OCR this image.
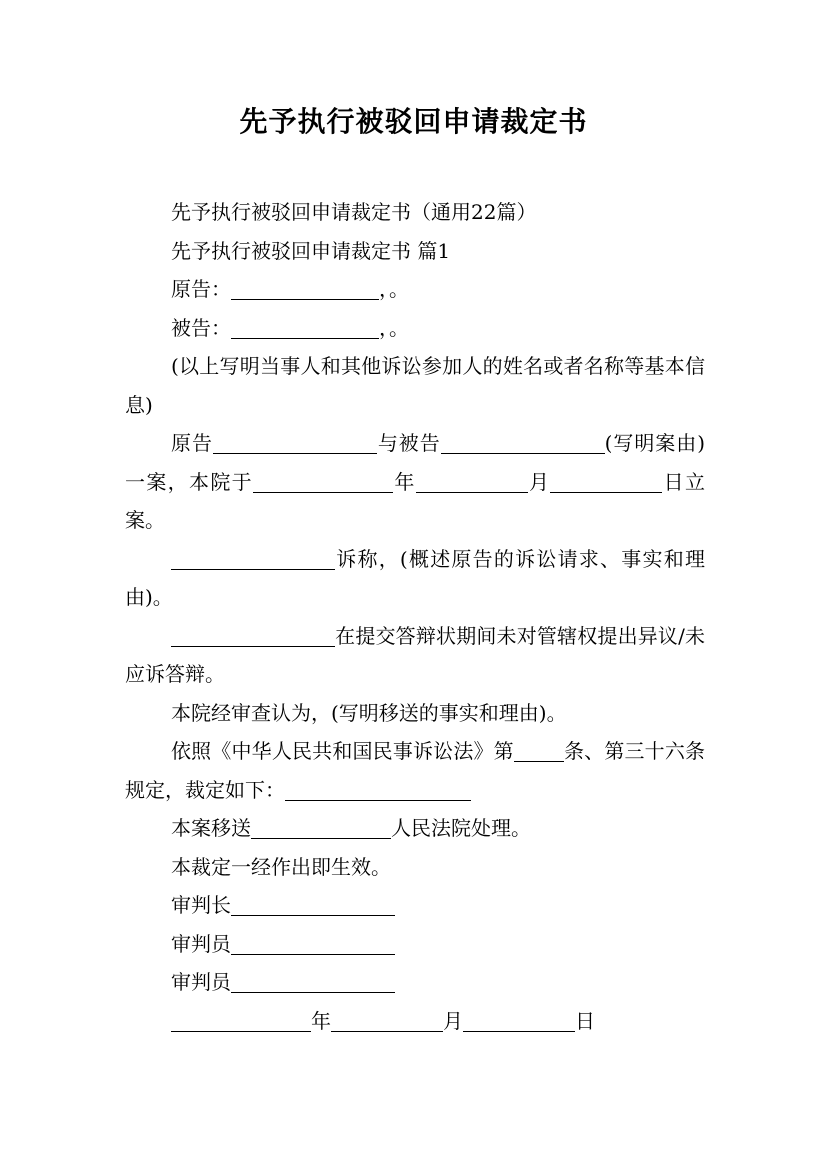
先予执行被驳回申请裁定书

先予执行被驳回申请裁定书（通用22篇）

先予执行被驳回申请裁定书 篇1

原告：	，。

被告：	，。

(以上写明当事人和其他诉讼参加人的姓名或者名称等基本信息)

原告	与被告	(写明案由)一案，本院于	年	月	日立案。

诉称，(概述原告的诉讼请求、事实和理由)。

在提交答辩状期间未对管辖权提出异议/未应诉答辩。

本院经审查认为，(写明移送的事实和理由)。

依照《中华人民共和国民事诉讼法》第	条、第三十六条规定，裁定如下：

本案移送	人民法院处理。

本裁定一经作出即生效。

审判长

审判员

审判员

年	月	日
